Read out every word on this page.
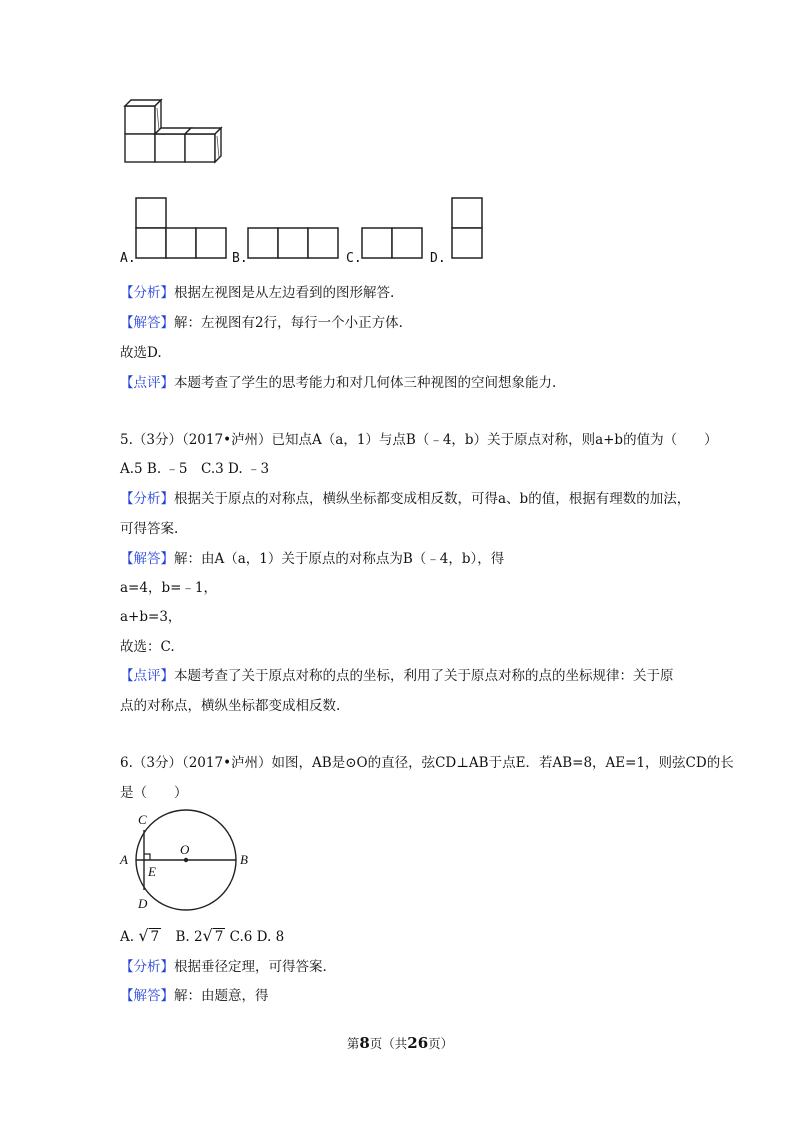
A.	B.	C.	D.
【分析】根据左视图是从左边看到的图形解答.
【解答】解：左视图有2行，每行一个小正方体.
故选D.
【点评】本题考查了学生的思考能力和对几何体三种视图的空间想象能力.
5.（3分）（2017•泸州）已知点A（a，1）与点B（﹣4，b）关于原点对称，则a+b的值为（　　）
A.5 B. ﹣5　C.3 D. ﹣3
【分析】根据关于原点的对称点，横纵坐标都变成相反数，可得a、b的值，根据有理数的加法，
可得答案.
【解答】解：由A（a，1）关于原点的对称点为B（﹣4，b），得
a=4，b=﹣1，
a+b=3，
故选：C.
【点评】本题考查了关于原点对称的点的坐标，利用了关于原点对称的点的坐标规律：关于原
点的对称点，横纵坐标都变成相反数.
6.（3分）（2017•泸州）如图，AB是⊙O的直径，弦CD⊥AB于点E．若AB=8，AE=1，则弦CD的长
是（　　）
C
A
O
B
E
D
A. √ 7 B. 2√ 7 C.6 D. 8
【分析】根据垂径定理，可得答案.
【解答】解：由题意，得
第8页（共26页）
